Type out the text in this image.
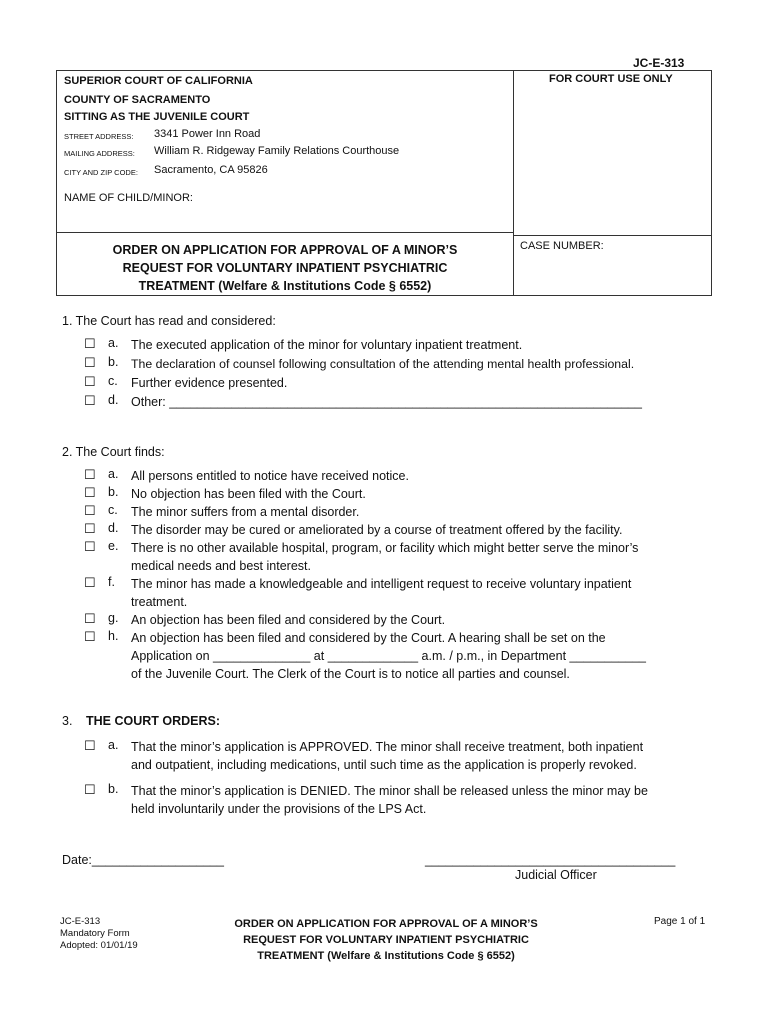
JC-E-313
SUPERIOR COURT OF CALIFORNIA
COUNTY OF SACRAMENTO
SITTING AS THE JUVENILE COURT
STREET ADDRESS: 3341 Power Inn Road
MAILING ADDRESS: William R. Ridgeway Family Relations Courthouse
CITY AND ZIP CODE: Sacramento, CA 95826
NAME OF CHILD/MINOR:
FOR COURT USE ONLY
CASE NUMBER:
ORDER ON APPLICATION FOR APPROVAL OF A MINOR’S
REQUEST FOR VOLUNTARY INPATIENT PSYCHIATRIC
TREATMENT (Welfare & Institutions Code § 6552)
1. The Court has read and considered:
☐ a. The executed application of the minor for voluntary inpatient treatment.
☐ b. The declaration of counsel following consultation of the attending mental health professional.
☐ c. Further evidence presented.
☐ d. Other: ____________________________________________________________________
2. The Court finds:
☐ a. All persons entitled to notice have received notice.
☐ b. No objection has been filed with the Court.
☐ c. The minor suffers from a mental disorder.
☐ d. The disorder may be cured or ameliorated by a course of treatment offered by the facility.
☐ e. There is no other available hospital, program, or facility which might better serve the minor’s
medical needs and best interest.
☐ f. The minor has made a knowledgeable and intelligent request to receive voluntary inpatient
treatment.
☐ g. An objection has been filed and considered by the Court.
☐ h. An objection has been filed and considered by the Court. A hearing shall be set on the
Application on ______________ at _____________ a.m. / p.m., in Department ___________
of the Juvenile Court. The Clerk of the Court is to notice all parties and counsel.
3. THE COURT ORDERS:
☐ a. That the minor’s application is APPROVED. The minor shall receive treatment, both inpatient
and outpatient, including medications, until such time as the application is properly revoked.
☐ b. That the minor’s application is DENIED. The minor shall be released unless the minor may be
held involuntarily under the provisions of the LPS Act.
Date:___________________	____________________________________
Judicial Officer
JC-E-313
Mandatory Form
Adopted: 01/01/19
ORDER ON APPLICATION FOR APPROVAL OF A MINOR’S
REQUEST FOR VOLUNTARY INPATIENT PSYCHIATRIC
TREATMENT (Welfare & Institutions Code § 6552)
Page 1 of 1
